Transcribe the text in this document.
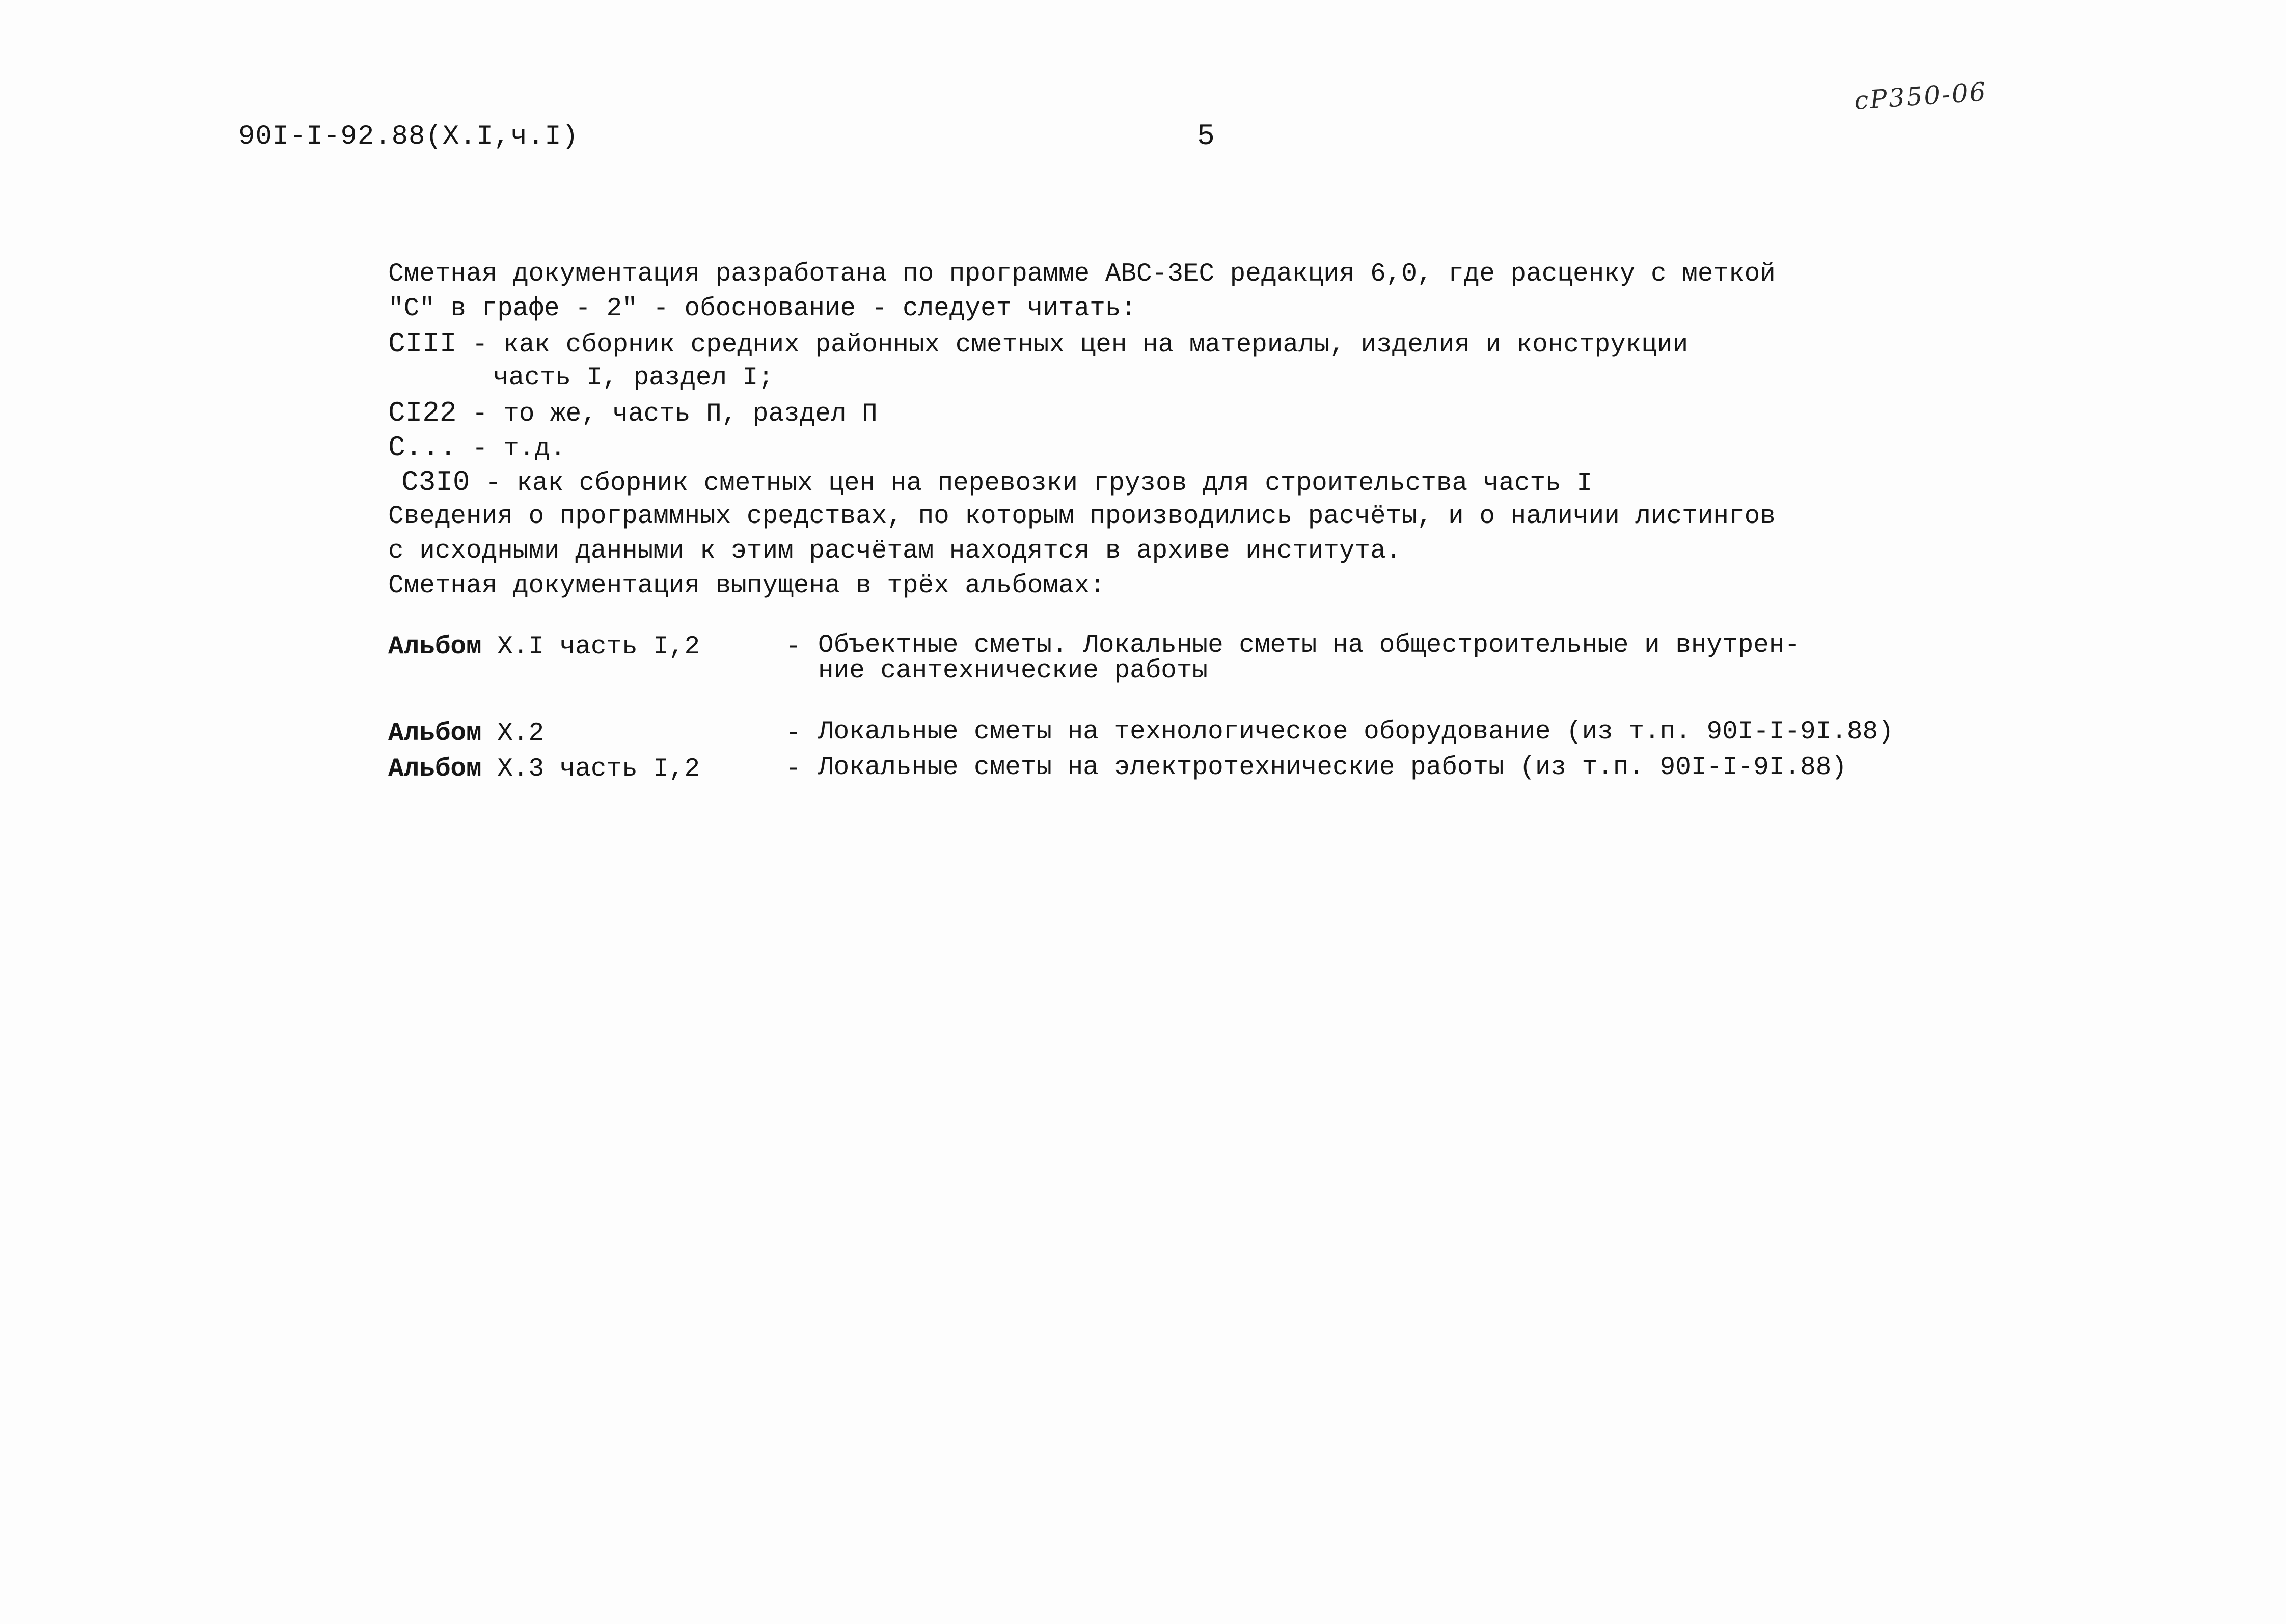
90I-I-92.88(X.I,ч.I)	5
cP350-06
Сметная документация разработана по программе АВС-3ЕС редакция 6,0, где расценку с меткой
"С" в графе - 2" - обоснование - следует читать:
CIII - как сборник средних районных сметных цен на материалы, изделия и конструкции
часть I, раздел I;
CI22 - то же, часть П, раздел П
С... - т.д.
С3I0 - как сборник сметных цен на перевозки грузов для строительства часть I
Сведения о программных средствах, по которым производились расчёты, и о наличии листингов
с исходными данными к этим расчётам находятся в архиве института.
Сметная документация выпущена в трёх альбомах:
Альбом X.I часть I,2	- Объектные сметы. Локальные сметы на общестроительные и внутрен-
ние сантехнические работы
Альбом X.2	- Локальные сметы на технологическое оборудование (из т.п. 90I-I-9I.88)
Альбом X.3 часть I,2	- Локальные сметы на электротехнические работы (из т.п. 90I-I-9I.88)
